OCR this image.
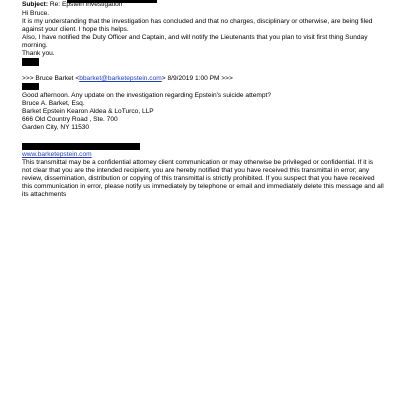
Subject: Re: Epstein investigation

Hi Bruce.

It is my understanding that the investigation has concluded and that no charges, disciplinary or otherwise, are being filed against your client. I hope this helps.

Also, I have notified the Duty Officer and Captain, and will notify the Lieutenants that you plan to visit first thing Sunday morning.

Thank you.

>>> Bruce Barket <bbarket@barketepstein.com> 8/9/2019 1:00 PM >>>

Good afternoon. Any update on the investigation regarding Epstein's suicide attempt?

Bruce A. Barket, Esq.

Barket Epstein Kearon Aldea & LoTurco, LLP

666 Old Country Road , Ste. 700

Garden City, NY 11530

www.barketepstein.com

This transmittal may be a confidential attorney client communication or may otherwise be privileged or confidential. If it is not clear that you are the intended recipient, you are hereby notified that you have received this transmittal in error; any review, dissemination, distribution or copying of this transmittal is strictly prohibited. If you suspect that you have received this communication in error, please notify us immediately by telephone or email and immediately delete this message and all its attachments
